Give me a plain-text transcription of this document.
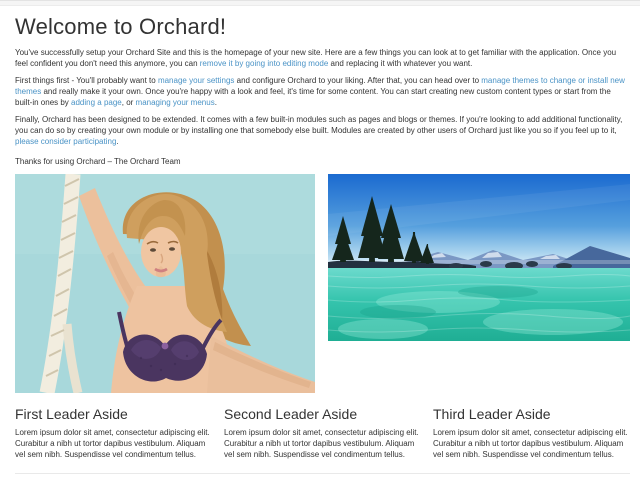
Welcome to Orchard!

You've successfully setup your Orchard Site and this is the homepage of your new site. Here are a few things you can look at to get familiar with the application. Once you feel confident you don't need this anymore, you can remove it by going into editing mode and replacing it with whatever you want.

First things first - You'll probably want to manage your settings and configure Orchard to your liking. After that, you can head over to manage themes to change or install new themes and really make it your own. Once you're happy with a look and feel, it's time for some content. You can start creating new custom content types or start from the built-in ones by adding a page, or managing your menus.

Finally, Orchard has been designed to be extended. It comes with a few built-in modules such as pages and blogs or themes. If you're looking to add additional functionality, you can do so by creating your own module or by installing one that somebody else built. Modules are created by other users of Orchard just like you so if you feel up to it, please consider participating.

Thanks for using Orchard – The Orchard Team

First Leader Aside

Lorem ipsum dolor sit amet, consectetur adipiscing elit. Curabitur a nibh ut tortor dapibus vestibulum. Aliquam vel sem nibh. Suspendisse vel condimentum tellus.

Second Leader Aside

Lorem ipsum dolor sit amet, consectetur adipiscing elit. Curabitur a nibh ut tortor dapibus vestibulum. Aliquam vel sem nibh. Suspendisse vel condimentum tellus.

Third Leader Aside

Lorem ipsum dolor sit amet, consectetur adipiscing elit. Curabitur a nibh ut tortor dapibus vestibulum. Aliquam vel sem nibh. Suspendisse vel condimentum tellus.
